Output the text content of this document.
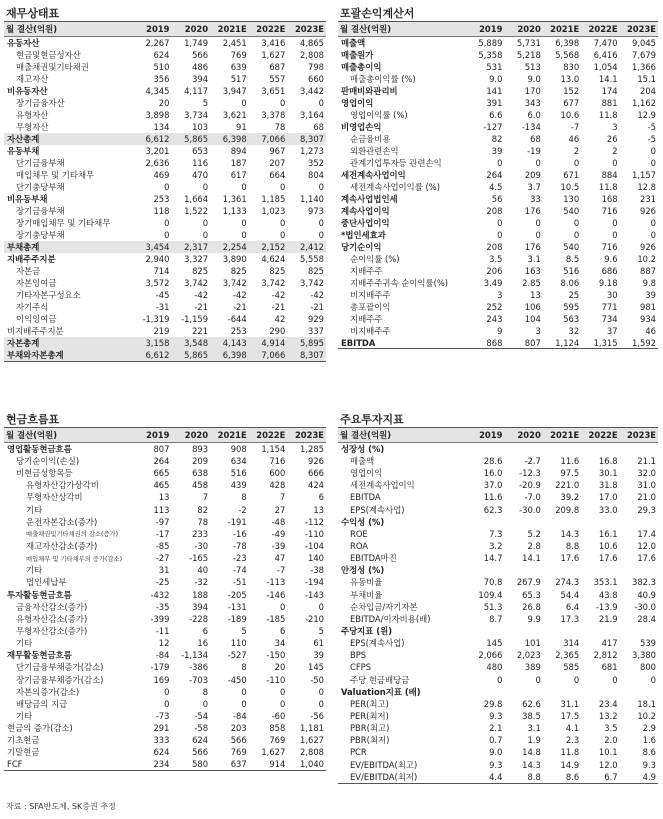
재무상태표
월 결산(억원)	2019	2020	2021E	2022E	2023E
유동자산	2,267	1,749	2,451	3,416	4,865
현금및현금성자산	624	566	769	1,627	2,808
매출채권및기타채권	510	486	639	687	798
재고자산	356	394	517	557	660
비유동자산	4,345	4,117	3,947	3,651	3,442
장기금융자산	20	5	0	0	0
유형자산	3,898	3,734	3,621	3,378	3,164
무형자산	134	103	91	78	68
자산총계	6,612	5,865	6,398	7,066	8,307
유동부채	3,201	653	894	967	1,273
단기금융부채	2,636	116	187	207	352
매입채무 및 기타채무	469	470	617	664	804
단기충당부채	0	0	0	0	0
비유동부채	253	1,664	1,361	1,185	1,140
장기금융부채	118	1,522	1,133	1,023	973
장기매입채무 및 기타채무	0	0	0	0	0
장기충당부채	0	0	0	0	0
부채총계	3,454	2,317	2,254	2,152	2,412
지배주주지분	2,940	3,327	3,890	4,624	5,558
자본금	714	825	825	825	825
자본잉여금	3,572	3,742	3,742	3,742	3,742
기타자본구성요소	-45	-42	-42	-42	-42
자기주식	-31	-21	-21	-21	-21
이익잉여금	-1,319	-1,159	-644	42	929
비지배주주지분	219	221	253	290	337
자본총계	3,158	3,548	4,143	4,914	5,895
부채와자본총계	6,612	5,865	6,398	7,066	8,307
포괄손익계산서
월 결산(억원)	2019	2020	2021E	2022E	2023E
매출액	5,889	5,731	6,398	7,470	9,045
매출원가	5,358	5,218	5,568	6,416	7,679
매출총이익	531	513	830	1,054	1,366
매출총이익률 (%)	9.0	9.0	13.0	14.1	15.1
판매비와관리비	141	170	152	174	204
영업이익	391	343	677	881	1,162
영업이익률 (%)	6.6	6.0	10.6	11.8	12.9
비영업손익	-127	-134	-7	3	-5
순금융비용	82	68	46	26	-5
외환관련손익	39	-19	2	2	0
관계기업투자등 관련손익	0	0	0	0	0
세전계속사업이익	264	209	671	884	1,157
세전계속사업이익률 (%)	4.5	3.7	10.5	11.8	12.8
계속사업법인세	56	33	130	168	231
계속사업이익	208	176	540	716	926
중단사업이익	0	0	0	0	0
*법인세효과	0	0	0	0	0
당기순이익	208	176	540	716	926
순이익률 (%)	3.5	3.1	8.5	9.6	10.2
지배주주	206	163	516	686	887
지배주주귀속 순이익률(%)	3.49	2.85	8.06	9.18	9.8
비지배주주	3	13	25	30	39
총포괄이익	252	106	595	771	981
지배주주	243	104	563	734	934
비지배주주	9	3	32	37	46
EBITDA	868	807	1,124	1,315	1,592
현금흐름표
월 결산(억원)	2019	2020	2021E	2022E	2023E
영업활동현금흐름	807	893	908	1,154	1,285
당기순이익(손실)	264	209	634	716	926
비현금성항목등	665	638	516	600	666
유형자산감가상각비	465	458	439	428	424
무형자산상각비	13	7	8	7	6
기타	113	82	-2	27	13
운전자본감소(증가)	-97	78	-191	-48	-112
매출채권및기타채권의 감소(증가)	-17	233	-16	-49	-110
재고자산감소(증가)	-85	-30	-78	-39	-104
매입채무 및 기타채무의 증가(감소)	-27	-165	-23	47	140
기타	31	40	-74	-7	-38
법인세납부	-25	-32	-51	-113	-194
투자활동현금흐름	-432	188	-205	-146	-143
금융자산감소(증가)	-35	394	-131	0	0
유형자산감소(증가)	-399	-228	-189	-185	-210
무형자산감소(증가)	-11	6	5	6	5
기타	12	16	110	34	61
재무활동현금흐름	-84	-1,134	-527	-150	39
단기금융부채증가(감소)	-179	-386	8	20	145
장기금융부채증가(감소)	169	-703	-450	-110	-50
자본의증가(감소)	0	8	0	0	0
배당금의 지급	0	0	0	0	0
기타	-73	-54	-84	-60	-56
현금의 증가(감소)	291	-58	203	858	1,181
기초현금	333	624	566	769	1,627
기말현금	624	566	769	1,627	2,808
FCF	234	580	637	914	1,040
주요투자지표
월 결산(억원)	2019	2020	2021E	2022E	2023E
성장성 (%)					
매출액	28.6	-2.7	11.6	16.8	21.1
영업이익	16.0	-12.3	97.5	30.1	32.0
세전계속사업이익	37.0	-20.9	221.0	31.8	31.0
EBITDA	11.6	-7.0	39.2	17.0	21.0
EPS(계속사업)	62.3	-30.0	209.8	33.0	29.3
수익성 (%)					
ROE	7.3	5.2	14.3	16.1	17.4
ROA	3.2	2.8	8.8	10.6	12.0
EBITDA마진	14.7	14.1	17.6	17.6	17.6
안정성 (%)					
유동비율	70.8	267.9	274.3	353.1	382.3
부채비율	109.4	65.3	54.4	43.8	40.9
순차입금/자기자본	51.3	26.8	6.4	-13.9	-30.0
EBITDA/이자비용(배)	8.7	9.9	17.3	21.9	28.4
주당지표 (원)					
EPS(계속사업)	145	101	314	417	539
BPS	2,066	2,023	2,365	2,812	3,380
CFPS	480	389	585	681	800
주당 현금배당금	0	0	0	0	0
Valuation지표 (배)					
PER(최고)	29.8	62.6	31.1	23.4	18.1
PER(최저)	9.3	38.5	17.5	13.2	10.2
PBR(최고)	2.1	3.1	4.1	3.5	2.9
PBR(최저)	0.7	1.9	2.3	2.0	1.6
PCR	9.0	14.8	11.8	10.1	8.6
EV/EBITDA(최고)	9.3	14.3	14.9	12.0	9.3
EV/EBITDA(최저)	4.4	8.8	8.6	6.7	4.9
자료 : SFA반도체, SK증권 추정
